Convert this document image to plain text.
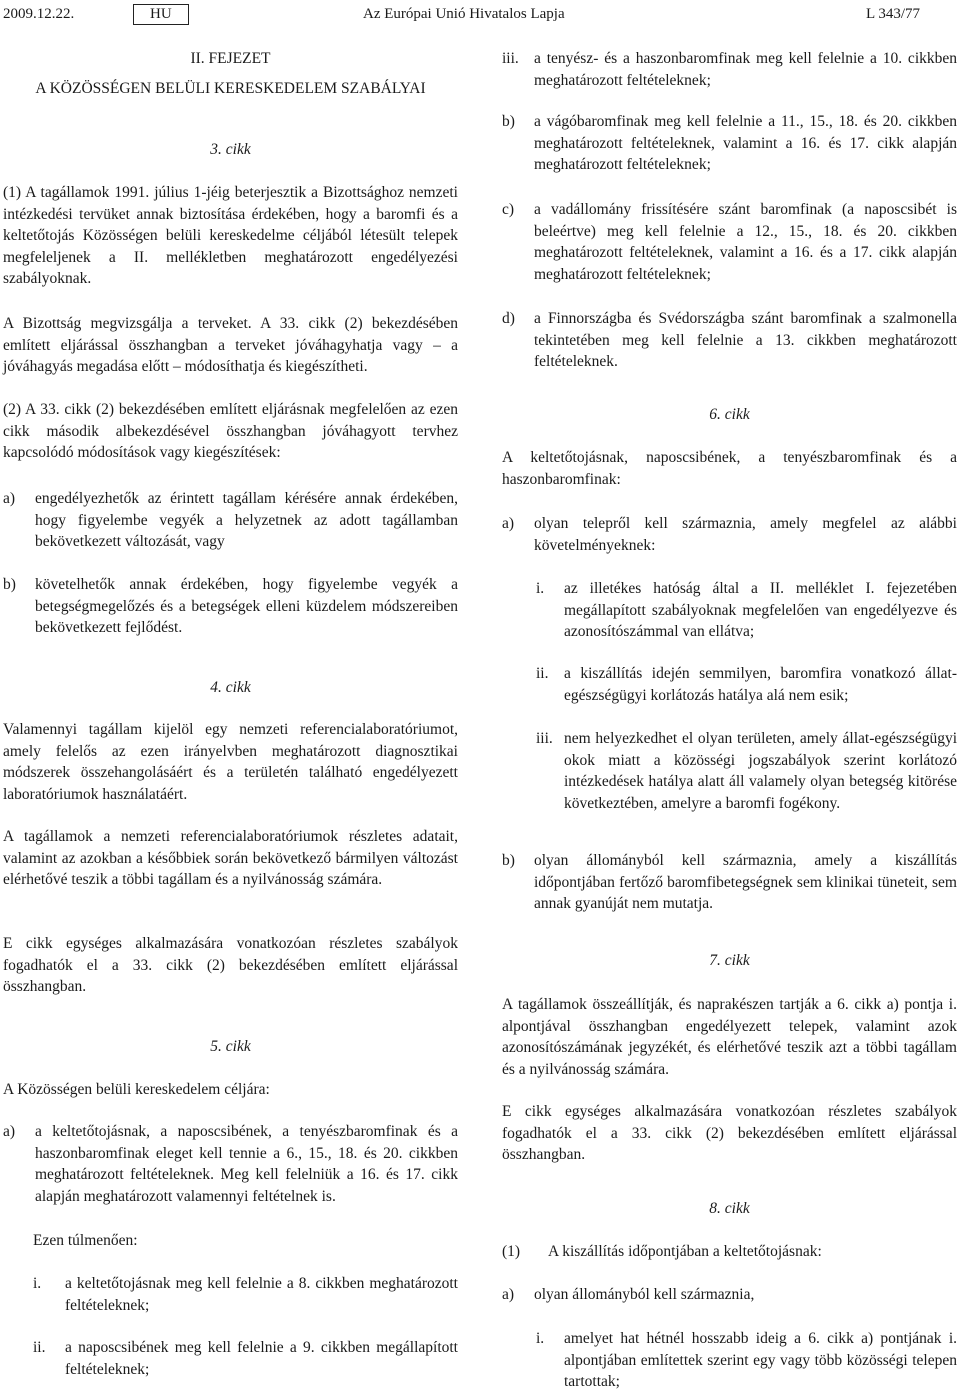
2009.12.22.	HU	Az Európai Unió Hivatalos Lapja	L 343/77
II. FEJEZET
A KÖZÖSSÉGEN BELÜLI KERESKEDELEM SZABÁLYAI
3. cikk
(1) A tagállamok 1991. július 1-jéig beterjesztik a Bizottsághoz nemzeti intézkedési tervüket annak biztosítása érdekében, hogy a baromfi és a keltetőtojás Közösségen belüli kereskedelme céljából létesült telepek megfeleljenek a II. mellékletben meghatározott engedélyezési szabályoknak.
A Bizottság megvizsgálja a terveket. A 33. cikk (2) bekezdésében említett eljárással összhangban a terveket jóváhagyhatja vagy – a jóváhagyás megadása előtt – módosíthatja és kiegészítheti.
(2) A 33. cikk (2) bekezdésében említett eljárásnak megfelelően az ezen cikk második albekezdésével összhangban jóváhagyott tervhez kapcsolódó módosítások vagy kiegészítések:
a) engedélyezhetők az érintett tagállam kérésére annak érdekében, hogy figyelembe vegyék a helyzetnek az adott tagállamban bekövetkezett változását, vagy
b) követelhetők annak érdekében, hogy figyelembe vegyék a betegségmegelőzés és a betegségek elleni küzdelem módszereiben bekövetkezett fejlődést.
4. cikk
Valamennyi tagállam kijelöl egy nemzeti referencialaboratóriumot, amely felelős az ezen irányelvben meghatározott diagnosztikai módszerek összehangolásáért és a területén található engedélyezett laboratóriumok használatáért.
A tagállamok a nemzeti referencialaboratóriumok részletes adatait, valamint az azokban a későbbiek során bekövetkező bármilyen változást elérhetővé teszik a többi tagállam és a nyilvánosság számára.
E cikk egységes alkalmazására vonatkozóan részletes szabályok fogadhatók el a 33. cikk (2) bekezdésében említett eljárással összhangban.
5. cikk
A Közösségen belüli kereskedelem céljára:
a) a keltetőtojásnak, a naposcsibének, a tenyészbaromfinak és a haszonbaromfinak eleget kell tennie a 6., 15., 18. és 20. cikkben meghatározott feltételeknek. Meg kell felelniük a 16. és 17. cikk alapján meghatározott valamennyi feltételnek is.
Ezen túlmenően:
i. a keltetőtojásnak meg kell felelnie a 8. cikkben meghatározott feltételeknek;
ii. a naposcsibének meg kell felelnie a 9. cikkben megállapított feltételeknek;
iii. a tenyész- és a haszonbaromfinak meg kell felelnie a 10. cikkben meghatározott feltételeknek;
b) a vágóbaromfinak meg kell felelnie a 11., 15., 18. és 20. cikkben meghatározott feltételeknek, valamint a 16. és 17. cikk alapján meghatározott feltételeknek;
c) a vadállomány frissítésére szánt baromfinak (a naposcsibét is beleértve) meg kell felelnie a 12., 15., 18. és 20. cikkben meghatározott feltételeknek, valamint a 16. és a 17. cikk alapján meghatározott feltételeknek;
d) a Finnországba és Svédországba szánt baromfinak a szalmonella tekintetében meg kell felelnie a 13. cikkben meghatározott feltételeknek.
6. cikk
A keltetőtojásnak, naposcsibének, a tenyészbaromfinak és a haszonbaromfinak:
a) olyan telepről kell származnia, amely megfelel az alábbi követelményeknek:
i. az illetékes hatóság által a II. melléklet I. fejezetében megállapított szabályoknak megfelelően van engedélyezve és azonosítószámmal van ellátva;
ii. a kiszállítás idején semmilyen, baromfira vonatkozó állat-egészségügyi korlátozás hatálya alá nem esik;
iii. nem helyezkedhet el olyan területen, amely állat-egészségügyi okok miatt a közösségi jogszabályok szerint korlátozó intézkedések hatálya alatt áll valamely olyan betegség kitörése következtében, amelyre a baromfi fogékony.
b) olyan állományból kell származnia, amely a kiszállítás időpontjában fertőző baromfibetegségnek sem klinikai tüneteit, sem annak gyanúját nem mutatja.
7. cikk
A tagállamok összeállítják, és naprakészen tartják a 6. cikk a) pontja i. alpontjával összhangban engedélyezett telepek, valamint azok azonosítószámának jegyzékét, és elérhetővé teszik azt a többi tagállam és a nyilvánosság számára.
E cikk egységes alkalmazására vonatkozóan részletes szabályok fogadhatók el a 33. cikk (2) bekezdésében említett eljárással összhangban.
8. cikk
(1) A kiszállítás időpontjában a keltetőtojásnak:
a) olyan állományból kell származnia,
i. amelyet hat hétnél hosszabb ideig a 6. cikk a) pontjának i. alpontjában említettek szerint egy vagy több közösségi telepen tartottak;
